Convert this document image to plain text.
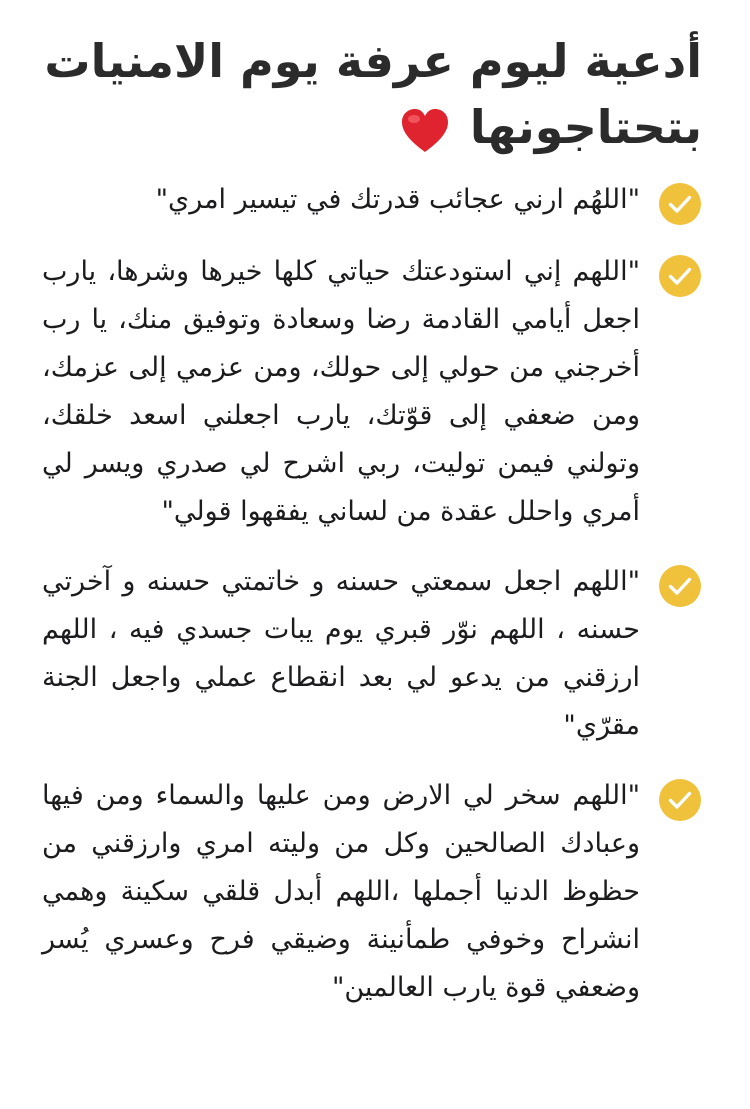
أدعية ليوم عرفة يوم الامنيات
بتحتاجونها
"اللهُم ارني عجائب قدرتك في تيسير امري"
"اللهم إني استودعتك حياتي كلها خيرها وشرها، يارب اجعل أيامي القادمة رضا وسعادة وتوفيق منك، يا رب أخرجني من حولي إلى حولك، ومن عزمي إلى عزمك، ومن ضعفي إلى قوّتك، يارب اجعلني اسعد خلقك، وتولني فيمن توليت، ربي اشرح لي صدري ويسر لي أمري واحلل عقدة من لساني يفقهوا قولي"
"اللهم اجعل سمعتي حسنه و خاتمتي حسنه و آخرتي حسنه ، اللهم نوّر قبري يوم يبات جسدي فيه ، اللهم ارزقني من يدعو لي بعد انقطاع عملي واجعل الجنة مقرّي"
"اللهم سخر لي الارض ومن عليها والسماء ومن فيها وعبادك الصالحين وكل من وليته امري وارزقني من حظوظ الدنيا أجملها ،اللهم أبدل قلقي سكينة وهمي انشراح وخوفي طمأنينة وضيقي فرح وعسري يُسر وضعفي قوة يارب العالمين"
